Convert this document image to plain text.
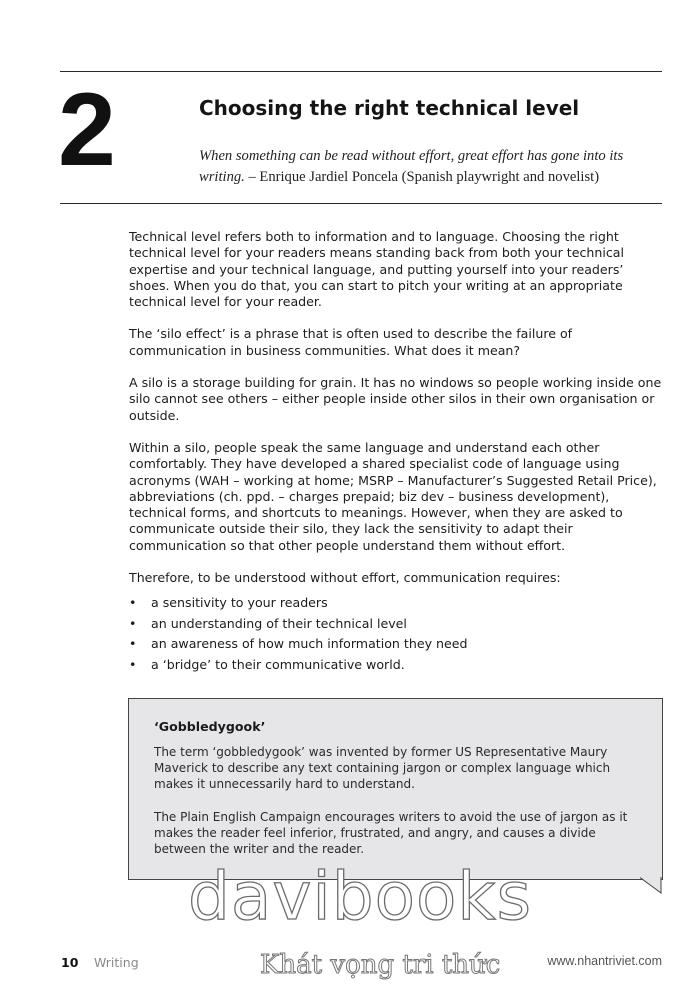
2	Choosing the right technical level
When something can be read without effort, great effort has gone into its writing. – Enrique Jardiel Poncela (Spanish playwright and novelist)

Technical level refers both to information and to language. Choosing the right technical level for your readers means standing back from both your technical expertise and your technical language, and putting yourself into your readers’ shoes. When you do that, you can start to pitch your writing at an appropriate technical level for your reader.

The ‘silo effect’ is a phrase that is often used to describe the failure of communication in business communities. What does it mean?

A silo is a storage building for grain. It has no windows so people working inside one silo cannot see others – either people inside other silos in their own organisation or outside.

Within a silo, people speak the same language and understand each other comfortably. They have developed a shared specialist code of language using acronyms (WAH – working at home; MSRP – Manufacturer’s Suggested Retail Price), abbreviations (ch. ppd. – charges prepaid; biz dev – business development), technical forms, and shortcuts to meanings. However, when they are asked to communicate outside their silo, they lack the sensitivity to adapt their communication so that other people understand them without effort.

Therefore, to be understood without effort, communication requires:

• a sensitivity to your readers
• an understanding of their technical level
• an awareness of how much information they need
• a ‘bridge’ to their communicative world.
‘Gobbledygook’

The term ‘gobbledygook’ was invented by former US Representative Maury Maverick to describe any text containing jargon or complex language which makes it unnecessarily hard to understand.

The Plain English Campaign encourages writers to avoid the use of jargon as it makes the reader feel inferior, frustrated, and angry, and causes a divide between the writer and the reader.

davibooks
Khát vọng tri thức
10 Writing	www.nhantriviet.com
